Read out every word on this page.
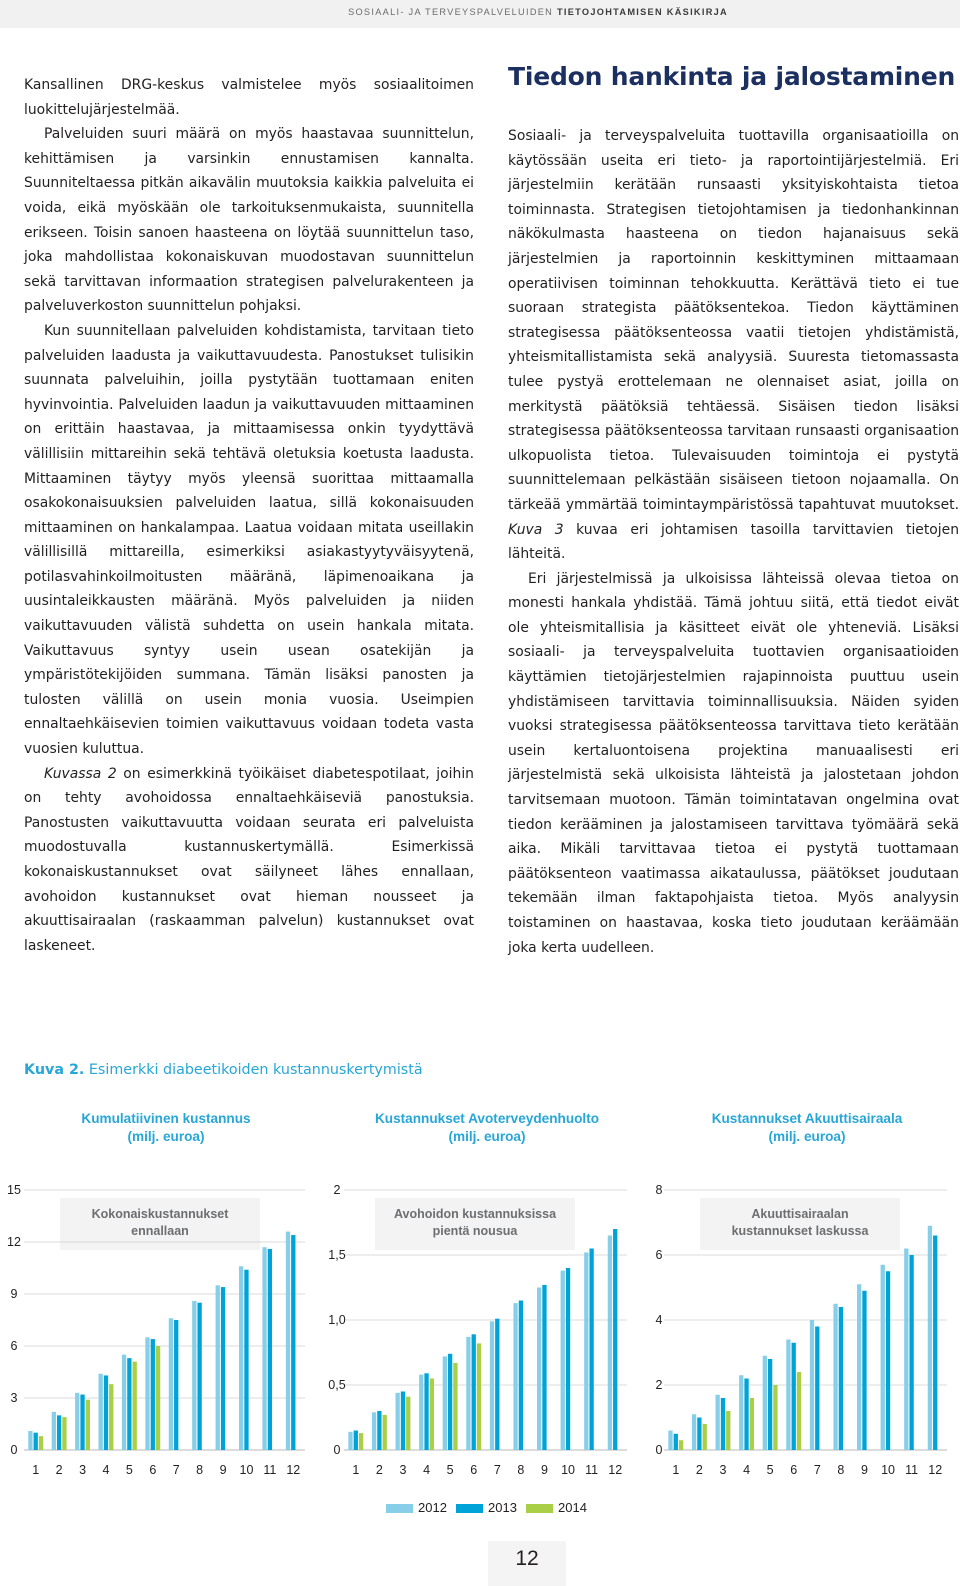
SOSIAALI- JA TERVEYSPALVELUIDEN TIETOJOHTAMISEN KÄSIKIRJA

Kansallinen DRG-keskus valmistelee myös sosiaalitoimen luokittelujärjestelmää.

Palveluiden suuri määrä on myös haastavaa suunnittelun, kehittämisen ja varsinkin ennustamisen kannalta. Suunniteltaessa pitkän aikavälin muutoksia kaikkia palveluita ei voida, eikä myöskään ole tarkoituksenmukaista, suunnitella erikseen. Toisin sanoen haasteena on löytää suunnittelun taso, joka mahdollistaa kokonaiskuvan muodostavan suunnittelun sekä tarvittavan informaation strategisen palvelurakenteen ja palveluverkoston suunnittelun pohjaksi.

Kun suunnitellaan palveluiden kohdistamista, tarvitaan tieto palveluiden laadusta ja vaikuttavuudesta. Panostukset tulisikin suunnata palveluihin, joilla pystytään tuottamaan eniten hyvinvointia. Palveluiden laadun ja vaikuttavuuden mittaaminen on erittäin haastavaa, ja mittaamisessa onkin tyydyttävä välillisiin mittareihin sekä tehtävä oletuksia koetusta laadusta. Mittaaminen täytyy myös yleensä suorittaa mittaamalla osakokonaisuuksien palveluiden laatua, sillä kokonaisuuden mittaaminen on hankalampaa. Laatua voidaan mitata useillakin välillisillä mittareilla, esimerkiksi asiakastyytyväisyytenä, potilasvahinkoilmoitusten määränä, läpimenoaikana ja uusintaleikkausten määränä. Myös palveluiden ja niiden vaikuttavuuden välistä suhdetta on usein hankala mitata. Vaikuttavuus syntyy usein usean osatekijän ja ympäristötekijöiden summana. Tämän lisäksi panosten ja tulosten välillä on usein monia vuosia. Useimpien ennaltaehkäisevien toimien vaikuttavuus voidaan todeta vasta vuosien kuluttua.

Kuvassa 2 on esimerkkinä työikäiset diabetespotilaat, joihin on tehty avohoidossa ennaltaehkäiseviä panostuksia. Panostusten vaikuttavuutta voidaan seurata eri palveluista muodostuvalla kustannuskertymällä. Esimerkissä kokonaiskustannukset ovat säilyneet lähes ennallaan, avohoidon kustannukset ovat hieman nousseet ja akuuttisairaalan (raskaamman palvelun) kustannukset ovat laskeneet.

Tiedon hankinta ja jalostaminen

Sosiaali- ja terveyspalveluita tuottavilla organisaatioilla on käytössään useita eri tieto- ja raportointijärjestelmiä. Eri järjestelmiin kerätään runsaasti yksityiskohtaista tietoa toiminnasta. Strategisen tietojohtamisen ja tiedonhankinnan näkökulmasta haasteena on tiedon hajanaisuus sekä järjestelmien ja raportoinnin keskittyminen mittaamaan operatiivisen toiminnan tehokkuutta. Kerättävä tieto ei tue suoraan strategista päätöksentekoa. Tiedon käyttäminen strategisessa päätöksenteossa vaatii tietojen yhdistämistä, yhteismitallistamista sekä analyysiä. Suuresta tietomassasta tulee pystyä erottelemaan ne olennaiset asiat, joilla on merkitystä päätöksiä tehtäessä. Sisäisen tiedon lisäksi strategisessa päätöksenteossa tarvitaan runsaasti organisaation ulkopuolista tietoa. Tulevaisuuden toimintoja ei pystytä suunnittelemaan pelkästään sisäiseen tietoon nojaamalla. On tärkeää ymmärtää toimintaympäristössä tapahtuvat muutokset. Kuva 3 kuvaa eri johtamisen tasoilla tarvittavien tietojen lähteitä.

Eri järjestelmissä ja ulkoisissa lähteissä olevaa tietoa on monesti hankala yhdistää. Tämä johtuu siitä, että tiedot eivät ole yhteismitallisia ja käsitteet eivät ole yhteneviä. Lisäksi sosiaali- ja terveyspalveluita tuottavien organisaatioiden käyttämien tietojärjestelmien rajapinnoista puuttuu usein yhdistämiseen tarvittavia toiminnallisuuksia. Näiden syiden vuoksi strategisessa päätöksenteossa tarvittava tieto kerätään usein kertaluontoisena projektina manuaalisesti eri järjestelmistä sekä ulkoisista lähteistä ja jalostetaan johdon tarvitsemaan muotoon. Tämän toimintatavan ongelmina ovat tiedon kerääminen ja jalostamiseen tarvittava työmäärä sekä aika. Mikäli tarvittavaa tietoa ei pystytä tuottamaan päätöksenteon vaatimassa aikataulussa, päätökset joudutaan tekemään ilman faktapohjaista tietoa. Myös analyysin toistaminen on haastavaa, koska tieto joudutaan keräämään joka kerta uudelleen.

Kuva 2. Esimerkki diabeetikoiden kustannuskertymistä

Kumulatiivinen kustannus
(milj. euroa)
Kustannukset Avoterveydenhuolto
(milj. euroa)
Kustannukset Akuuttisairaala
(milj. euroa)
Kokonaiskustannukset
ennallaan
0
3
6
9
12
15
1 2 3 4 5 6 7 8 9 10 11 12
Avohoidon kustannuksissa
pientä nousua
0
0,5
1,0
1,5
2
1 2 3 4 5 6 7 8 9 10 11 12
Akuuttisairaalan
kustannukset laskussa
0
2
4
6
8
1 2 3 4 5 6 7 8 9 10 11 12
2012	2013	2014
12
